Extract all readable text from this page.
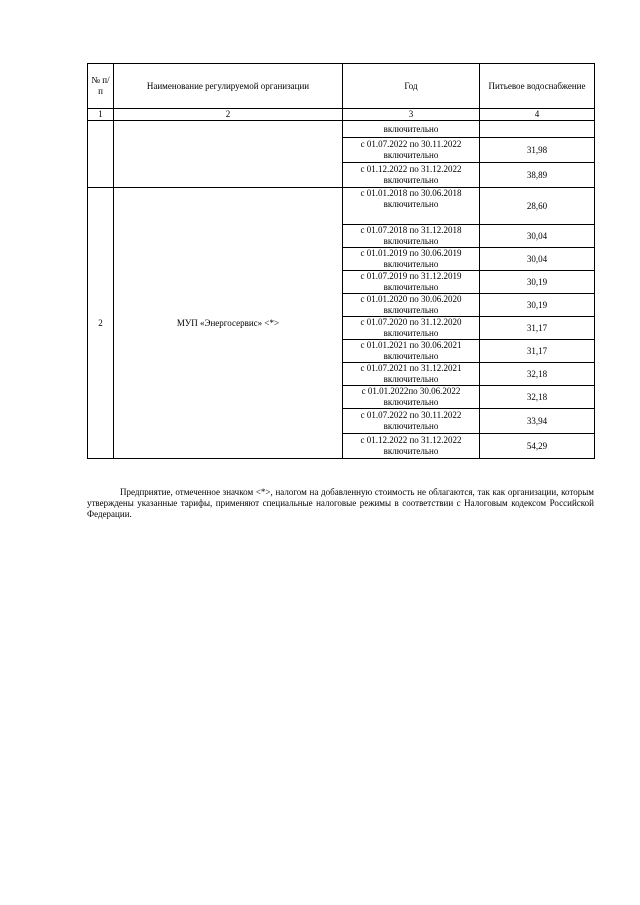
№ п/п	Наименование регулируемой организации	Год	Питьевое водоснабжение
1	2	3	4
		включительно	
		с 01.07.2022 по 30.11.2022 включительно	31,98
		с 01.12.2022 по 31.12.2022 включительно	38,89
2	МУП «Энергосервис» <*>	с 01.01.2018 по 30.06.2018 включительно	28,60
		с 01.07.2018 по 31.12.2018 включительно	30,04
		с 01.01.2019 по 30.06.2019 включительно	30,04
		с 01.07.2019 по 31.12.2019 включительно	30,19
		с 01.01.2020 по 30.06.2020 включительно	30,19
		с 01.07.2020 по 31.12.2020 включительно	31,17
		с 01.01.2021 по 30.06.2021 включительно	31,17
		с 01.07.2021 по 31.12.2021 включительно	32,18
		с 01.01.2022по 30.06.2022 включительно	32,18
		с 01.07.2022 по 30.11.2022 включительно	33,94
		с 01.12.2022 по 31.12.2022 включительно	54,29

Предприятие, отмеченное значком <*>, налогом на добавленную стоимость не облагаются, так как организации, которым утверждены указанные тарифы, применяют специальные налоговые режимы в соответствии с Налоговым кодексом Российской Федерации.
